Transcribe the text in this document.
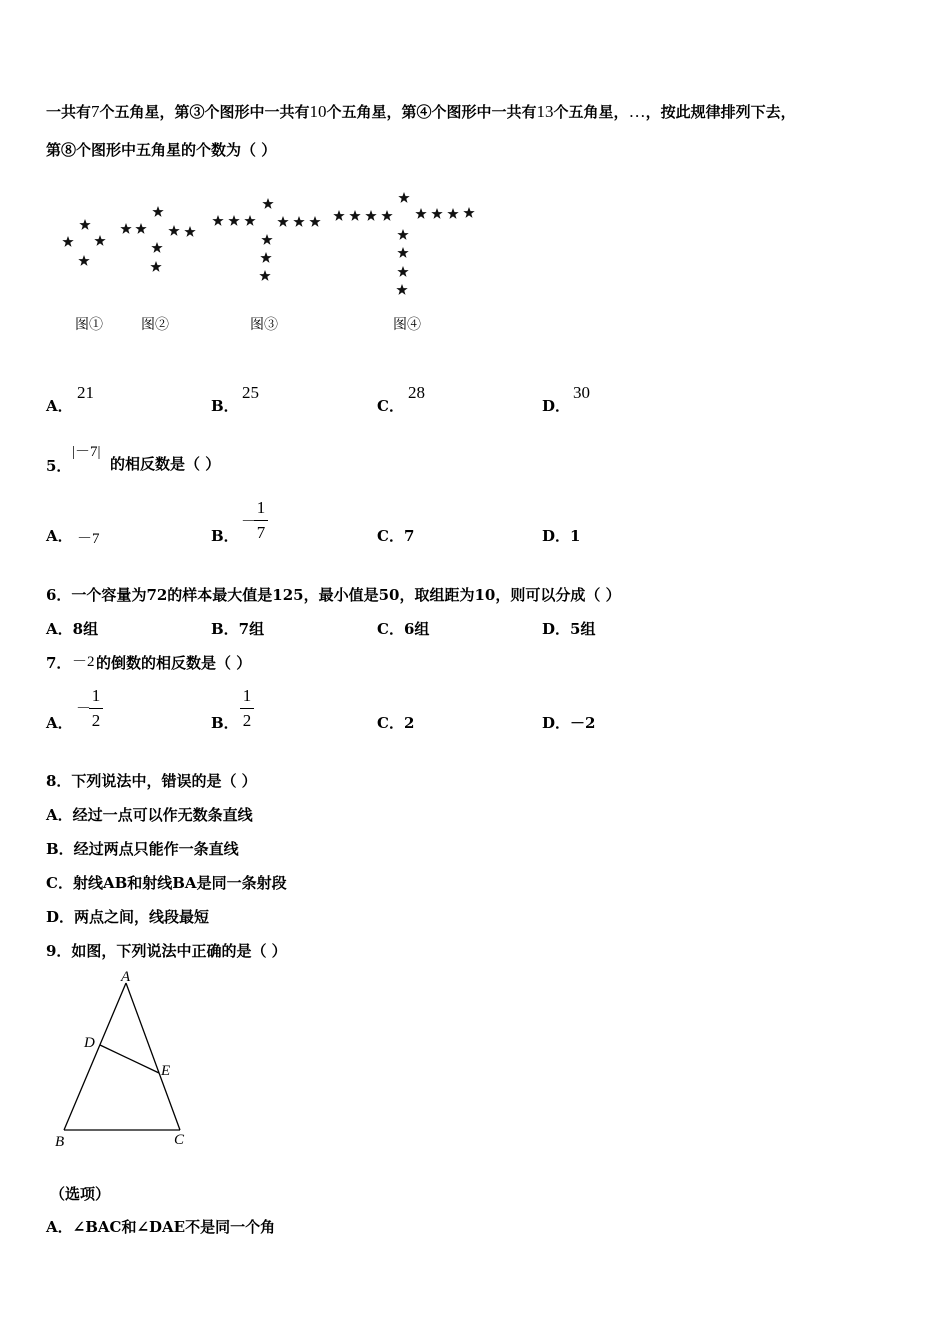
一共有7个五角星，第③个图形中一共有10个五角星，第④个图形中一共有13个五角星，…，按此规律排列下去，
第⑧个图形中五角星的个数为（ ）
图①	图②	图③	图④
A．
21
B．
25
C．
28
D．
30
5．
|－7|
的相反数是（ ）
A． －7	B．
－
1
7	C．7	D．1
6．一个容量为72的样本最大值是125，最小值是50，取组距为10，则可以分成（ ）
A．8组	B．7组	C．6组	D．5组
7． －2 的倒数的相反数是（ ）
A．
－
1
2	B．
1
2	C．2	D．－2
8．下列说法中，错误的是（ ）
A．经过一点可以作无数条直线
B．经过两点只能作一条直线
C．射线AB和射线BA是同一条射段
D．两点之间，线段最短
9．如图，下列说法中正确的是（ ）
A
D
E
B	C
（选项）
A．∠BAC和∠DAE不是同一个角
